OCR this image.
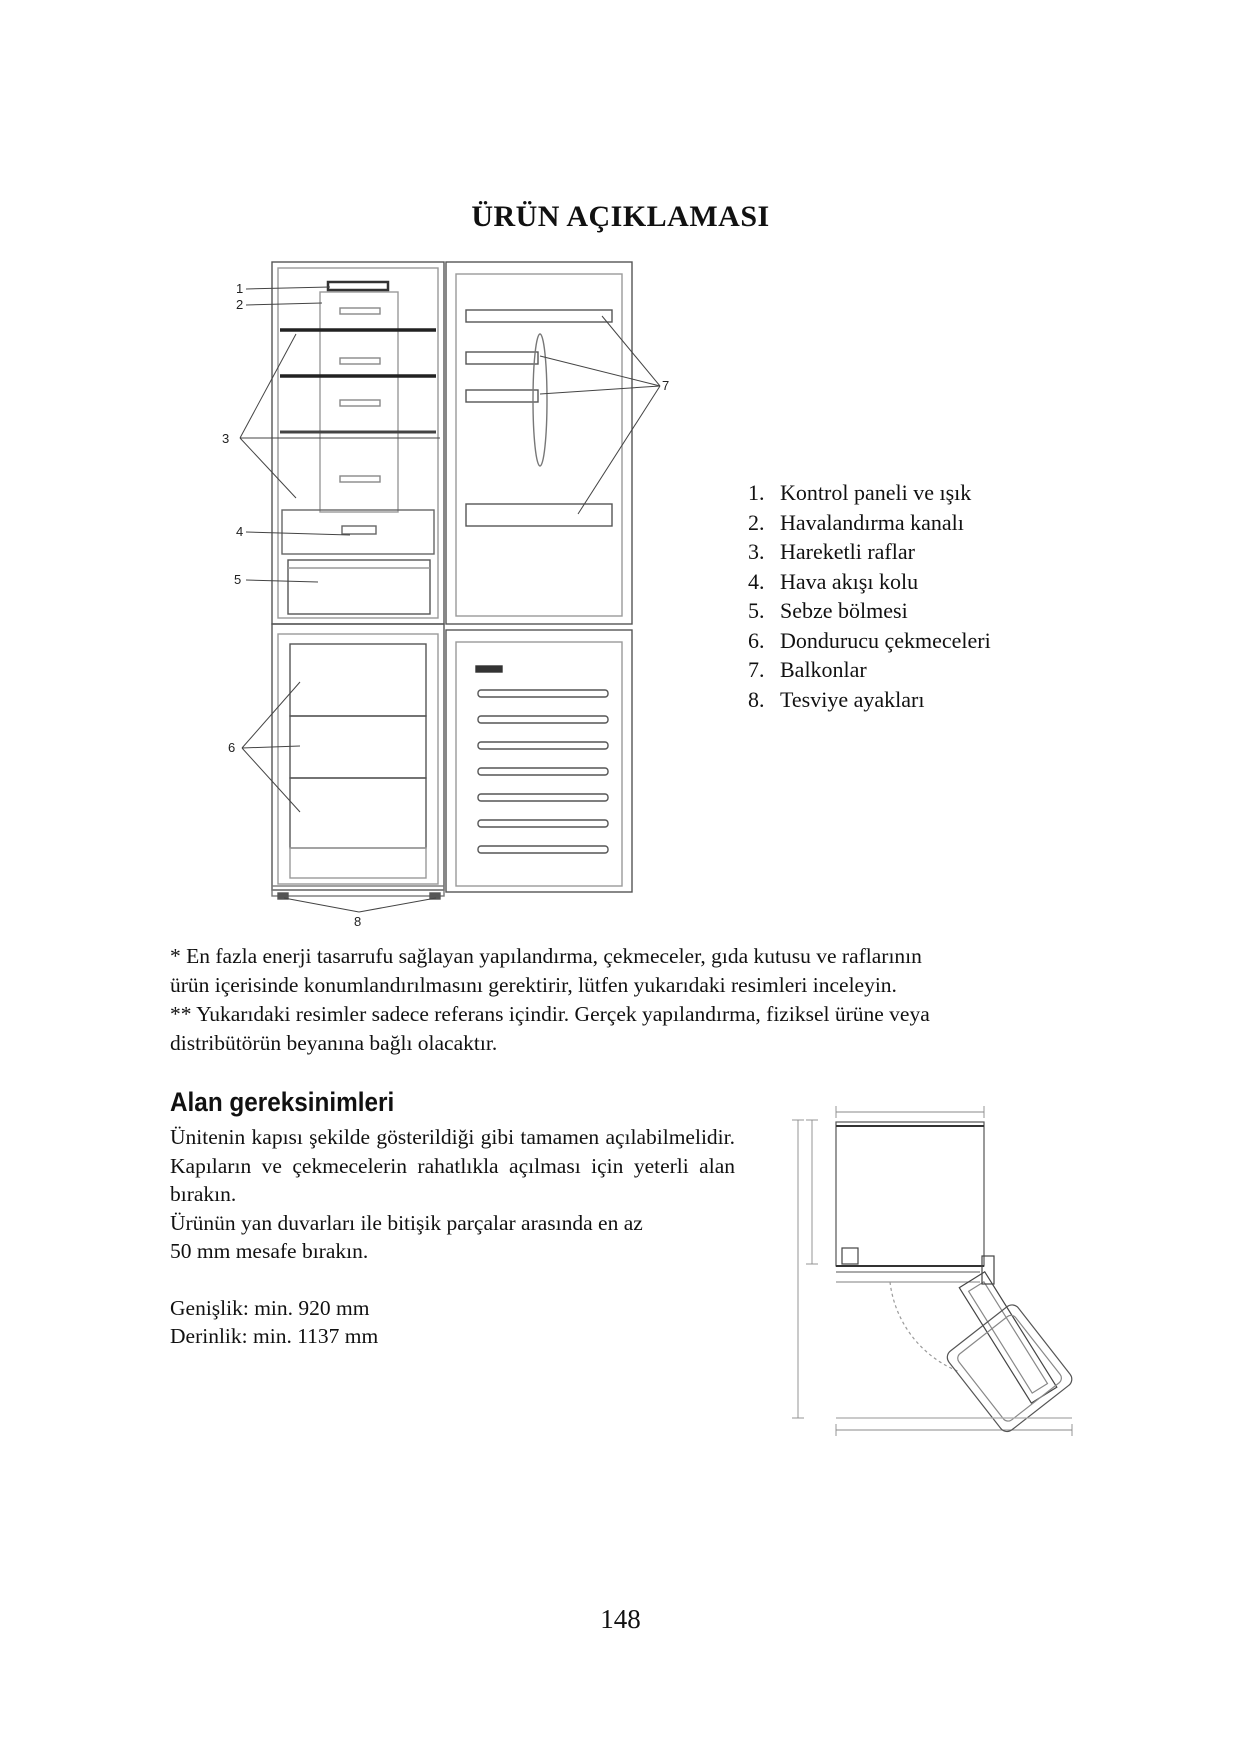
ÜRÜN AÇIKLAMASI
1
2
3
4
5
6
7
8
1. Kontrol paneli ve ışık
2. Havalandırma kanalı
3. Hareketli raflar
4. Hava akışı kolu
5. Sebze bölmesi
6. Dondurucu çekmeceleri
7. Balkonlar
8. Tesviye ayakları

* En fazla enerji tasarrufu sağlayan yapılandırma, çekmeceler, gıda kutusu ve raflarının

ürün içerisinde konumlandırılmasını gerektirir, lütfen yukarıdaki resimleri inceleyin.

** Yukarıdaki resimler sadece referans içindir. Gerçek yapılandırma, fiziksel ürüne veya

distribütörün beyanına bağlı olacaktır.

Alan gereksinimleri

Ünitenin kapısı şekilde gösterildiği gibi tamamen açılabilmelidir. Kapıların ve çekmecelerin rahatlıkla açılması için yeterli alan bırakın.

Ürünün yan duvarları ile bitişik parçalar arasında en az

50 mm mesafe bırakın.

Genişlik: min. 920 mm

Derinlik: min. 1137 mm

148
